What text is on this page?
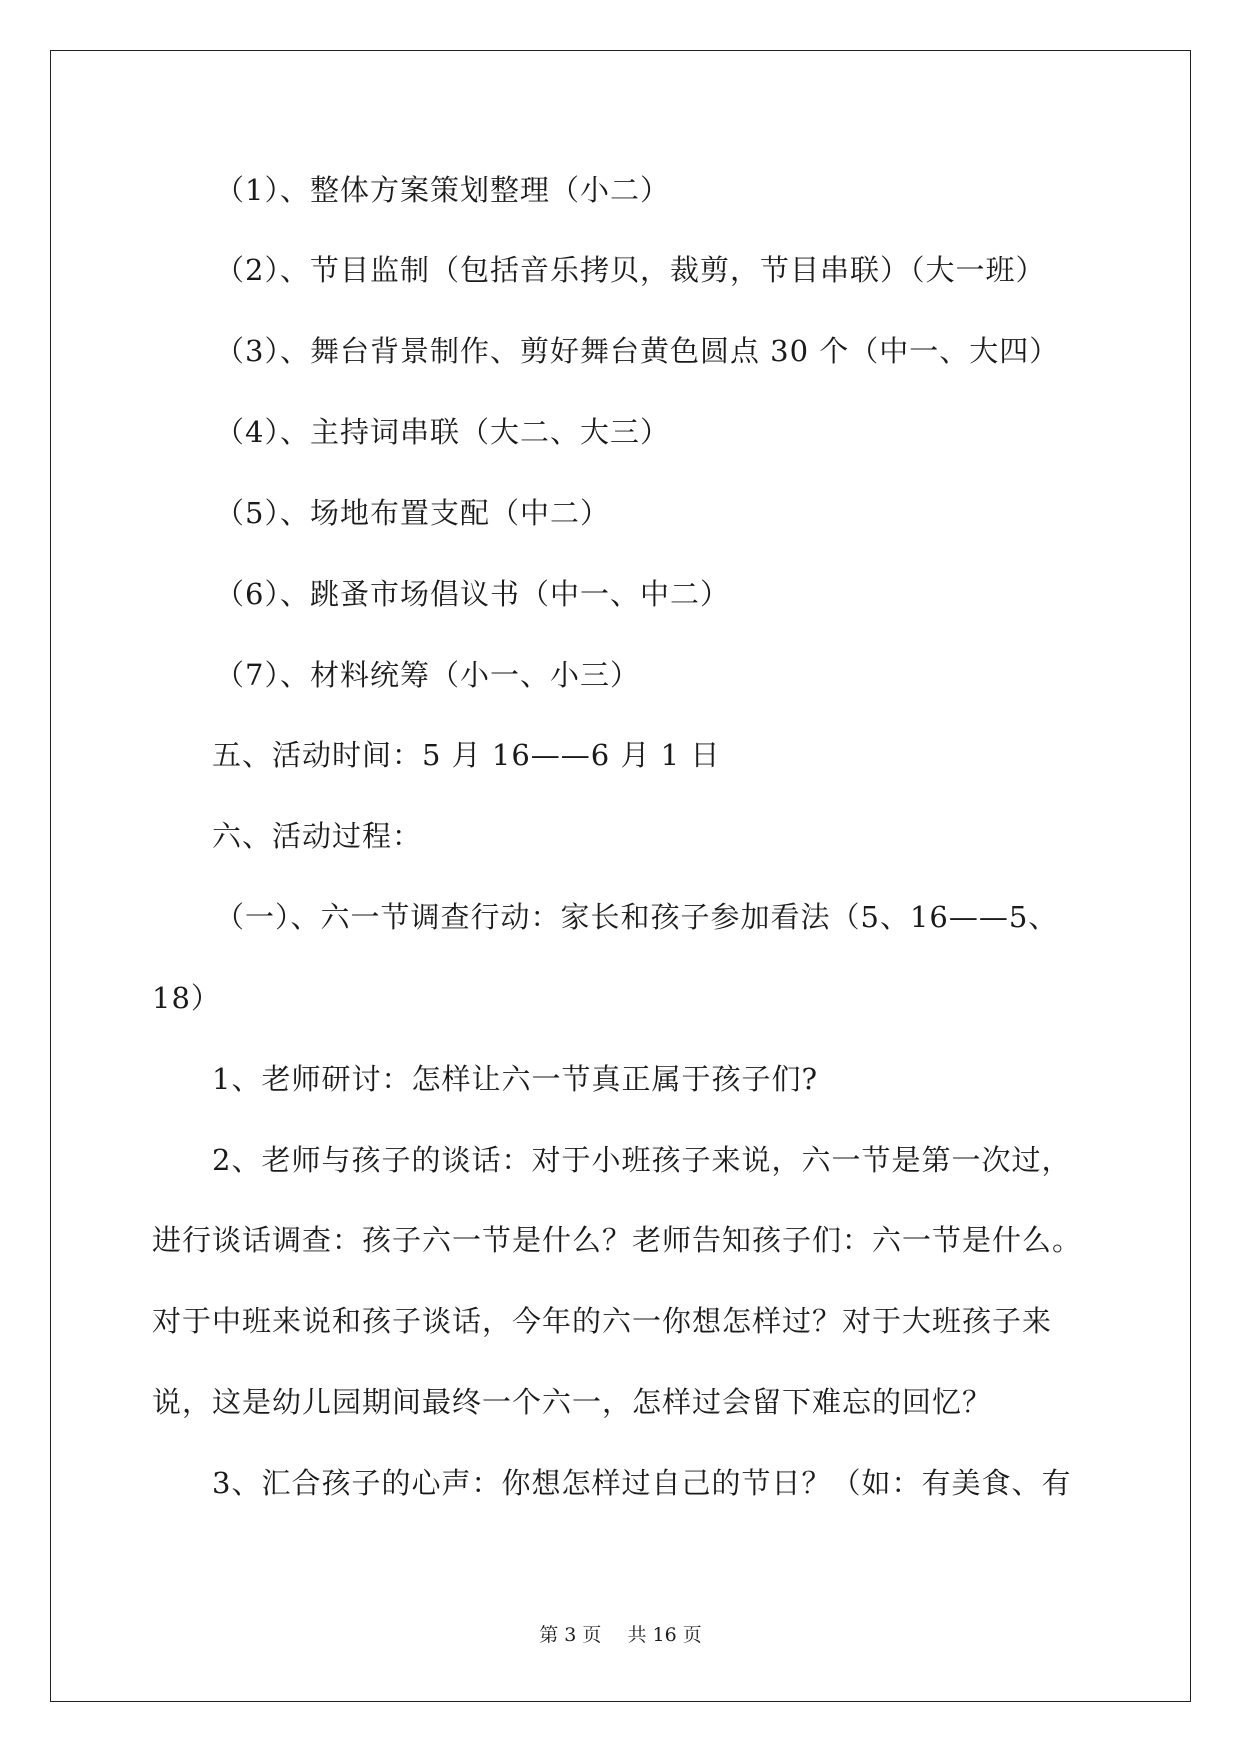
（1）、整体方案策划整理（小二）
（2）、节目监制（包括音乐拷贝，裁剪，节目串联）（大一班）
（3）、舞台背景制作、剪好舞台黄色圆点 30 个（中一、大四）
（4）、主持词串联（大二、大三）
（5）、场地布置支配（中二）
（6）、跳蚤市场倡议书（中一、中二）
（7）、材料统筹（小一、小三）
五、活动时间：5 月 16——6 月 1 日
六、活动过程：
（一）、六一节调查行动：家长和孩子参加看法（5、16——5、
18）
1、老师研讨：怎样让六一节真正属于孩子们?
2、老师与孩子的谈话：对于小班孩子来说，六一节是第一次过，
进行谈话调查：孩子六一节是什么？老师告知孩子们：六一节是什么。
对于中班来说和孩子谈话，今年的六一你想怎样过？对于大班孩子来
说，这是幼儿园期间最终一个六一，怎样过会留下难忘的回忆？
3、汇合孩子的心声：你想怎样过自己的节日？（如：有美食、有
第 3 页 共 16 页
